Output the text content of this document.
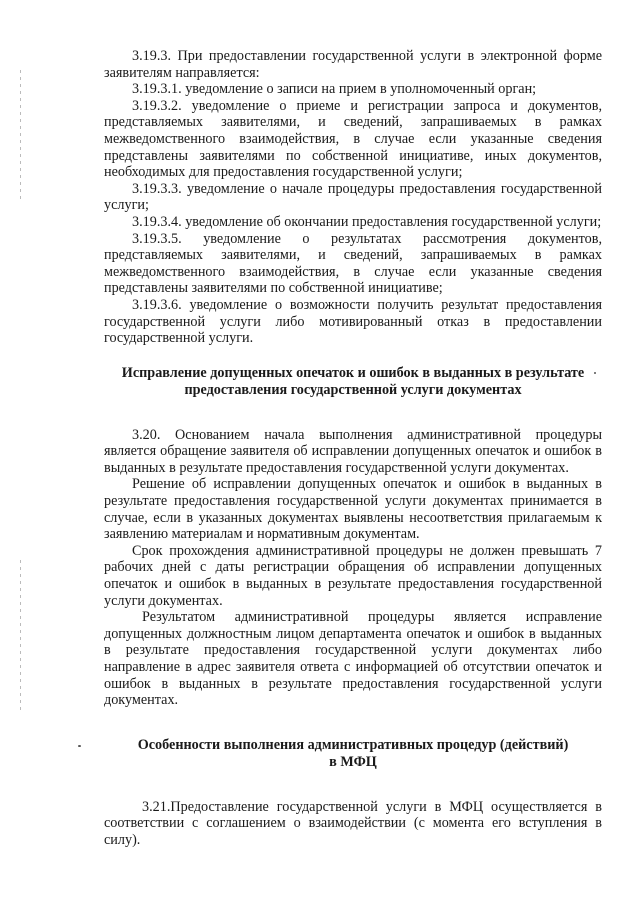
3.19.3. При предоставлении государственной услуги в электронной форме заявителям направляется:

3.19.3.1. уведомление о записи на прием в уполномоченный орган;

3.19.3.2. уведомление о приеме и регистрации запроса и документов, представляемых заявителями, и сведений, запрашиваемых в рамках межведомственного взаимодействия, в случае если указанные сведения представлены заявителями по собственной инициативе, иных документов, необходимых для предоставления государственной услуги;

3.19.3.3. уведомление о начале процедуры предоставления государственной услуги;

3.19.3.4. уведомление об окончании предоставления государственной услуги;

3.19.3.5. уведомление о результатах рассмотрения документов, представляемых заявителями, и сведений, запрашиваемых в рамках межведомственного взаимодействия, в случае если указанные сведения представлены заявителями по собственной инициативе;

3.19.3.6. уведомление о возможности получить результат предоставления государственной услуги либо мотивированный отказ в предоставлении государственной услуги.

Исправление допущенных опечаток и ошибок в выданных в результате предоставления государственной услуги документах

3.20. Основанием начала выполнения административной процедуры является обращение заявителя об исправлении допущенных опечаток и ошибок в выданных в результате предоставления государственной услуги документах.

Решение об исправлении допущенных опечаток и ошибок в выданных в результате предоставления государственной услуги документах принимается в случае, если в указанных документах выявлены несоответствия прилагаемым к заявлению материалам и нормативным документам.

Срок прохождения административной процедуры не должен превышать 7 рабочих дней с даты регистрации обращения об исправлении допущенных опечаток и ошибок в выданных в результате предоставления государственной услуги документах.

Результатом административной процедуры является исправление допущенных должностным лицом департамента опечаток и ошибок в выданных в результате предоставления государственной услуги документах либо направление в адрес заявителя ответа с информацией об отсутствии опечаток и ошибок в выданных в результате предоставления государственной услуги документах.

Особенности выполнения административных процедур (действий)
в МФЦ

3.21.Предоставление государственной услуги в МФЦ осуществляется в соответствии с соглашением о взаимодействии (с момента его вступления в силу).
